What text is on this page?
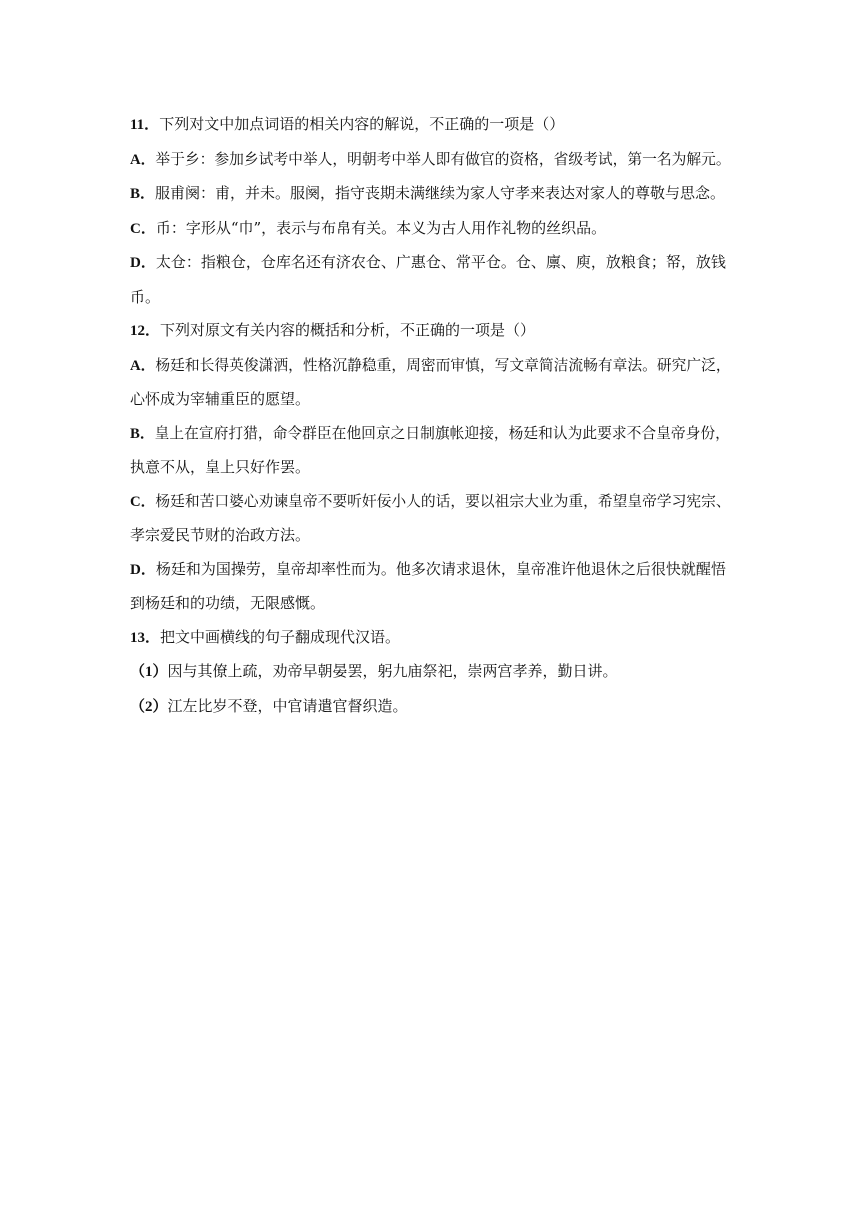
11．下列对文中加点词语的相关内容的解说，不正确的一项是（）
A．举于乡：参加乡试考中举人，明朝考中举人即有做官的资格，省级考试，第一名为解元。
B．服甫阕：甫，并未。服阕，指守丧期未满继续为家人守孝来表达对家人的尊敬与思念。
C．币：字形从“巾”，表示与布帛有关。本义为古人用作礼物的丝织品。
D．太仓：指粮仓，仓库名还有济农仓、广惠仓、常平仓。仓、廪、庾，放粮食；帑，放钱
币。
12．下列对原文有关内容的概括和分析，不正确的一项是（）
A．杨廷和长得英俊潇洒，性格沉静稳重，周密而审慎，写文章简洁流畅有章法。研究广泛，
心怀成为宰辅重臣的愿望。
B．皇上在宣府打猎，命令群臣在他回京之日制旗帐迎接，杨廷和认为此要求不合皇帝身份，
执意不从，皇上只好作罢。
C．杨廷和苦口婆心劝谏皇帝不要听奸佞小人的话，要以祖宗大业为重，希望皇帝学习宪宗、
孝宗爱民节财的治政方法。
D．杨廷和为国操劳，皇帝却率性而为。他多次请求退休，皇帝准许他退休之后很快就醒悟
到杨廷和的功绩，无限感慨。
13．把文中画横线的句子翻成现代汉语。
（1）因与其僚上疏，劝帝早朝晏罢，躬九庙祭祀，崇两宫孝养，勤日讲。
（2）江左比岁不登，中官请遣官督织造。
